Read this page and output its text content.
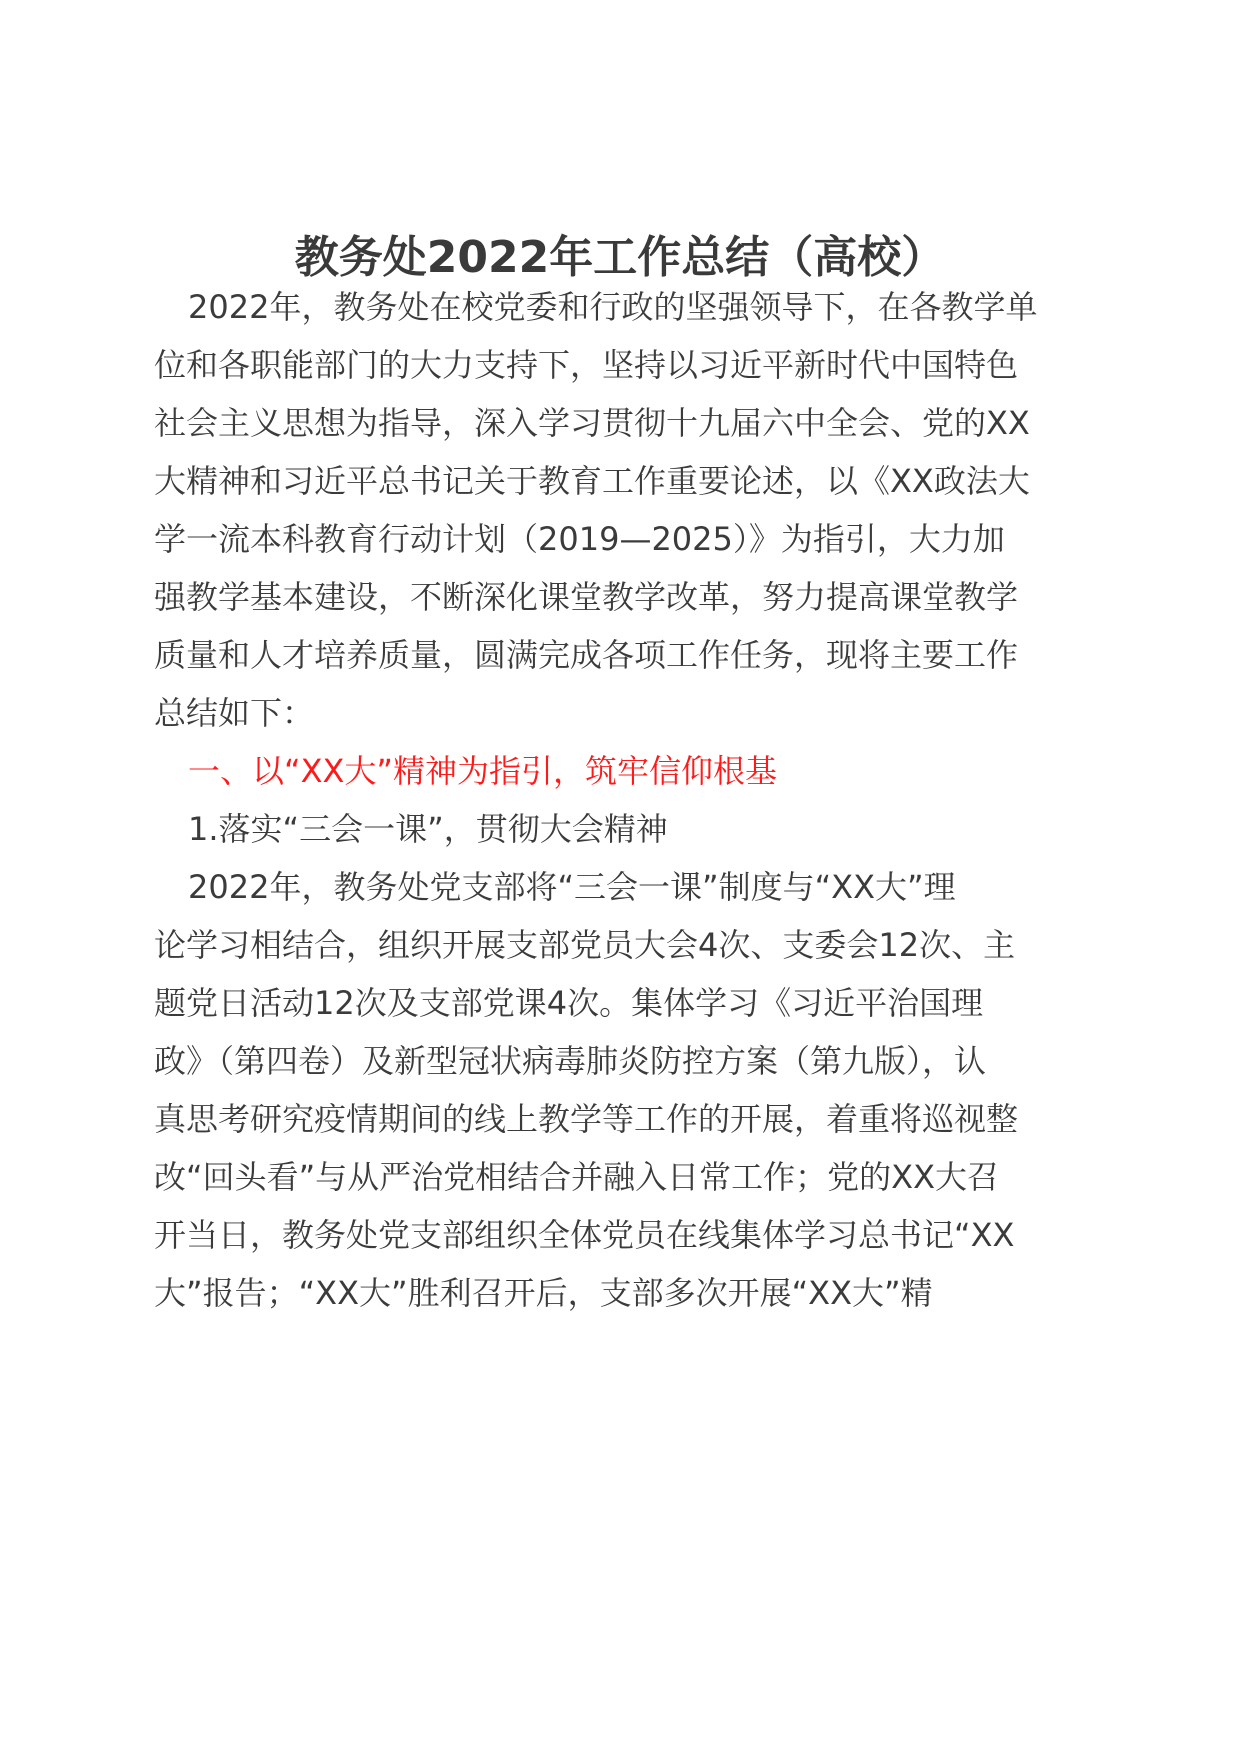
教务处2022年工作总结（高校）
2022年，教务处在校党委和行政的坚强领导下，在各教学单
位和各职能部门的大力支持下，坚持以习近平新时代中国特色
社会主义思想为指导，深入学习贯彻十九届六中全会、党的XX
大精神和习近平总书记关于教育工作重要论述，以《XX政法大
学一流本科教育行动计划（2019—2025）》为指引，大力加
强教学基本建设，不断深化课堂教学改革，努力提高课堂教学
质量和人才培养质量，圆满完成各项工作任务，现将主要工作
总结如下：
一、以“XX大”精神为指引，筑牢信仰根基
1.落实“三会一课”，贯彻大会精神
2022年，教务处党支部将“三会一课”制度与“XX大”理
论学习相结合，组织开展支部党员大会4次、支委会12次、主
题党日活动12次及支部党课4次。集体学习《习近平治国理
政》（第四卷）及新型冠状病毒肺炎防控方案（第九版），认
真思考研究疫情期间的线上教学等工作的开展，着重将巡视整
改“回头看”与从严治党相结合并融入日常工作；党的XX大召
开当日，教务处党支部组织全体党员在线集体学习总书记“XX
大”报告；“XX大”胜利召开后，支部多次开展“XX大”精
